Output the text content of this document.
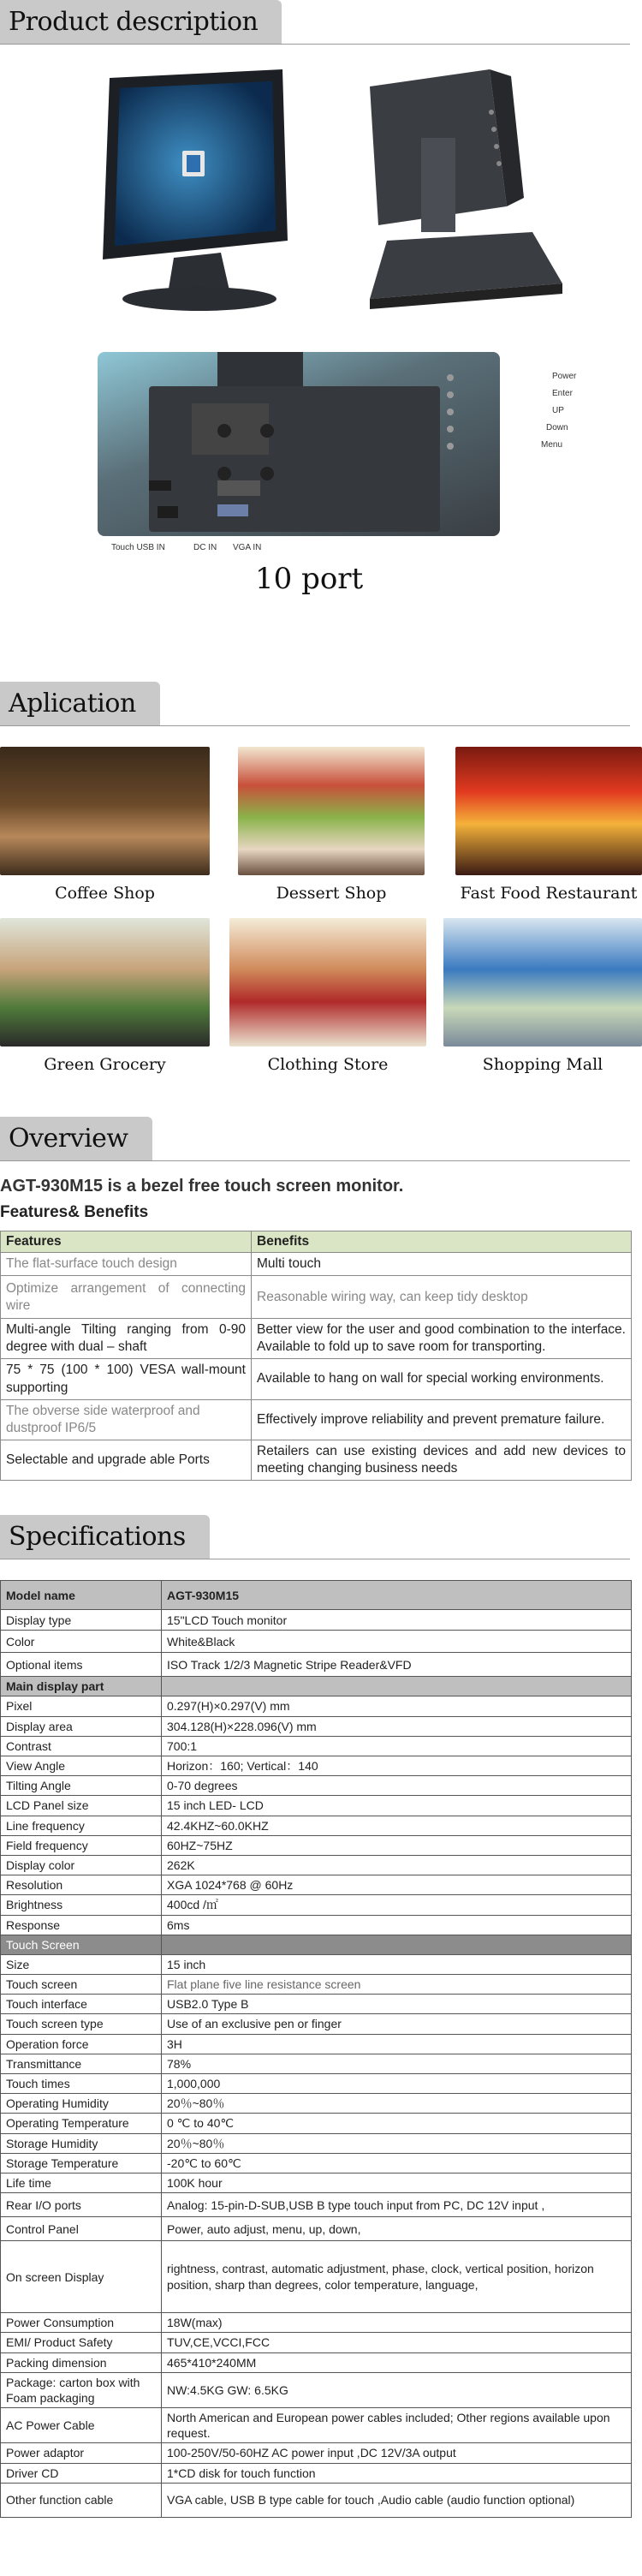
Product description
Power
Enter
UP
Down
Menu
Touch USB IN	DC IN VGA IN
10 port
Aplication
Coffee Shop	Dessert Shop	Fast Food Restaurant
Green Grocery	Clothing Store	Shopping Mall
Overview
AGT-930M15 is a bezel free touch screen monitor.
Features& Benefits
Features	Benefits
The flat-surface touch design	Multi touch
Optimize arrangement of connecting wire	Reasonable wiring way, can keep tidy desktop
Multi-angle Tilting ranging from 0-90 degree with dual – shaft	Better view for the user and good combination to the interface. Available to fold up to save room for transporting.
75 * 75 (100 * 100) VESA wall-mount supporting	Available to hang on wall for special working environments.
The obverse side waterproof and dustproof IP6/5	Effectively improve reliability and prevent premature failure.
Selectable and upgrade able Ports	Retailers can use existing devices and add new devices to meeting changing business needs
Specifications
Model name	AGT-930M15
Display type	15"LCD Touch monitor
Color	White&Black
Optional items	ISO Track 1/2/3 Magnetic Stripe Reader&VFD
Main display part	
Pixel	0.297(H)×0.297(V) mm
Display area	304.128(H)×228.096(V) mm
Contrast	700:1
View Angle	Horizon：160; Vertical：140
Tilting Angle	0-70 degrees
LCD Panel size	15 inch LED- LCD
Line frequency	42.4KHZ~60.0KHZ
Field frequency	60HZ~75HZ
Display color	262K
Resolution	XGA 1024*768 @ 60Hz
Brightness	400cd /㎡
Response	6ms
Touch Screen	
Size	15 inch
Touch screen	Flat plane five line resistance screen
Touch interface	USB2.0 Type B
Touch screen type	Use of an exclusive pen or finger
Operation force	3H
Transmittance	78%
Touch times	1,000,000
Operating Humidity	20％~80％
Operating Temperature	0 ℃ to 40℃
Storage Humidity	20％~80％
Storage Temperature	-20℃ to 60℃
Life time	100K hour
Rear I/O ports	Analog: 15-pin-D-SUB,USB B type touch input from PC, DC 12V input ,
Control Panel	Power, auto adjust, menu, up, down,
On screen Display	rightness, contrast, automatic adjustment, phase, clock, vertical position, horizon position, sharp than degrees, color temperature, language,
Power Consumption	18W(max)
EMI/ Product Safety	TUV,CE,VCCI,FCC
Packing dimension	465*410*240MM
Package: carton box with Foam packaging	NW:4.5KG GW: 6.5KG
AC Power Cable	North American and European power cables included; Other regions available upon request.
Power adaptor	100-250V/50-60HZ AC power input ,DC 12V/3A output
Driver CD	1*CD disk for touch function
Other function cable	VGA cable, USB B type cable for touch ,Audio cable (audio function optional)
